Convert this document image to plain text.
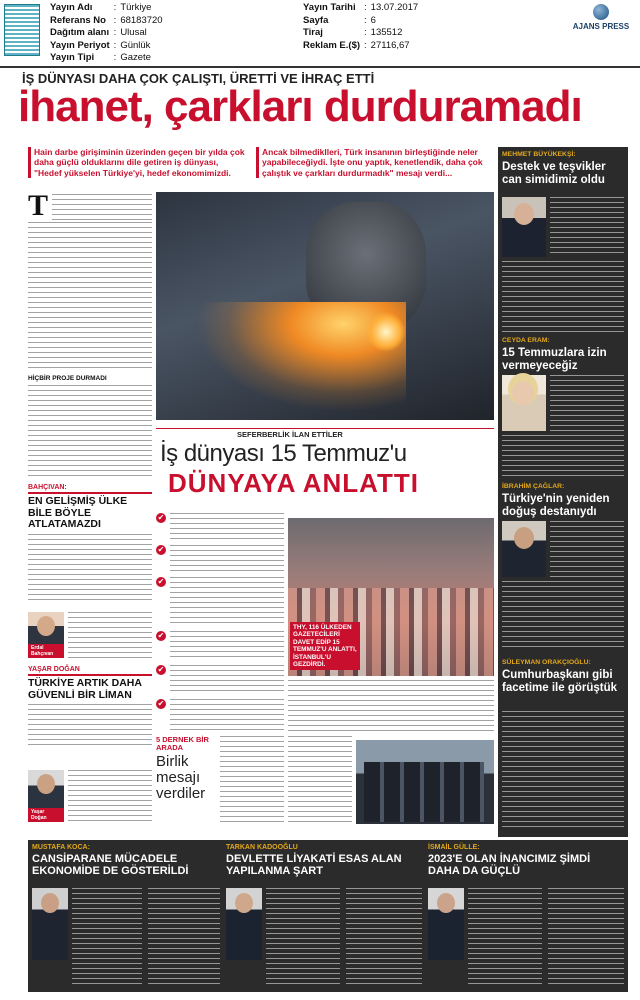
Yayın Adı	:	Türkiye
Referans No	:	68183720
Dağıtım alanı	:	Ulusal
Yayın Periyot	:	Günlük
Yayın Tipi	:	Gazete
Yayın Tarihi	:	13.07.2017
Sayfa	:	6
Tiraj	:	135512
Reklam E.($)	:	27116,67
AJANS PRESS
İŞ DÜNYASI DAHA ÇOK ÇALIŞTI, ÜRETTİ VE İHRAÇ ETTİ
ihanet, çarkları durduramadı
Hain darbe girişiminin üzerinden geçen bir yılda çok daha güçlü olduklarını dile getiren iş dünyası, "Hedef yükselen Türkiye'yi, hedef ekonomimizdi.
Ancak bilmediklleri, Türk insanının birleştiğinde neler yapabileceğiydi. İşte onu yaptık, kenetlendik, daha çok çalıştık ve çarkları durdurmadık" mesajı verdi...
T
HİÇBİR PROJE DURMADI
SEFERBERLİK İLAN ETTİLER
İş dünyası 15 Temmuz'u
DÜNYAYA ANLATTI
✔
✔
✔
✔
✔
✔
THY, 116 ÜLKEDEN GAZETECİLERİ DAVET EDİP 15 TEMMUZ'U ANLATTI, İSTANBUL'U GEZDİRDİ.
BAHÇIVAN:
EN GELİŞMİŞ ÜLKE BİLE BÖYLE ATLATAMAZDI
Erdal Bahçıvan
YAŞAR DOĞAN
TÜRKİYE ARTIK DAHA GÜVENLİ BİR LİMAN
Yaşar Doğan
5 DERNEK BİR ARADA
Birlik mesajı verdiler
MEHMET BÜYÜKEKŞİ:
Destek ve teşvikler can simidimiz oldu
CEYDA ERAM:
15 Temmuzlara izin vermeyeceğiz
İBRAHİM ÇAĞLAR:
Türkiye'nin yeniden doğuş destanıydı
SÜLEYMAN ORAKÇIOĞLU:
Cumhurbaşkanı gibi facetime ile görüştük
MUSTAFA KOCA:
CANSİPARANE MÜCADELE EKONOMİDE DE GÖSTERİLDİ
TARKAN KADOOĞLU
DEVLETTE LİYAKATİ ESAS ALAN YAPILANMA ŞART
İSMAİL GÜLLE:
2023'E OLAN İNANCIMIZ ŞİMDİ DAHA DA GÜÇLÜ
